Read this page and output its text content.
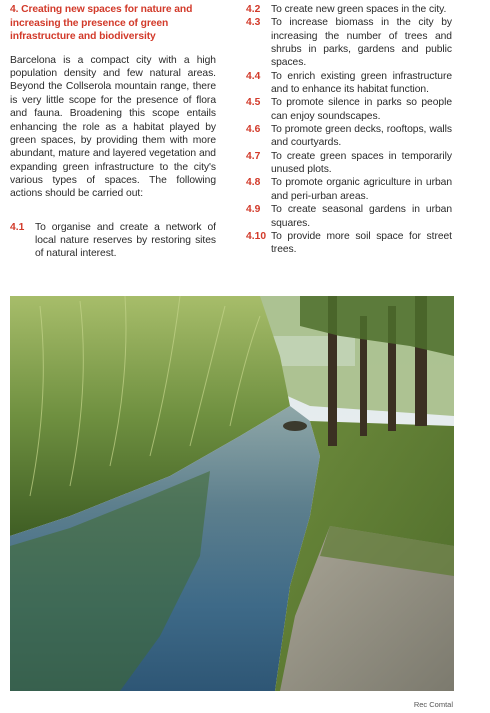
4. Creating new spaces for nature and increasing the presence of green infrastructure and biodiversity

Barcelona is a compact city with a high population density and few natural areas. Beyond the Collserola mountain range, there is very little scope for the presence of flora and fauna. Broadening this scope entails enhancing the role as a habitat played by green spaces, by providing them with more abundant, mature and layered vegetation and expanding green infrastructure to the city's various types of spaces. The following actions should be carried out:

4.1	To organise and create a network of local nature reserves by restoring sites of natural interest.
4.2	To create new green spaces in the city.
4.3	To increase biomass in the city by increasing the number of trees and shrubs in parks, gardens and public spaces.
4.4	To enrich existing green infrastructure and to enhance its habitat function.
4.5	To promote silence in parks so people can enjoy soundscapes.
4.6	To promote green decks, rooftops, walls and courtyards.
4.7	To create green spaces in temporarily unused plots.
4.8	To promote organic agriculture in urban and peri-urban areas.
4.9	To create seasonal gardens in urban squares.
4.10 To provide more soil space for street trees.
Rec Comtal
